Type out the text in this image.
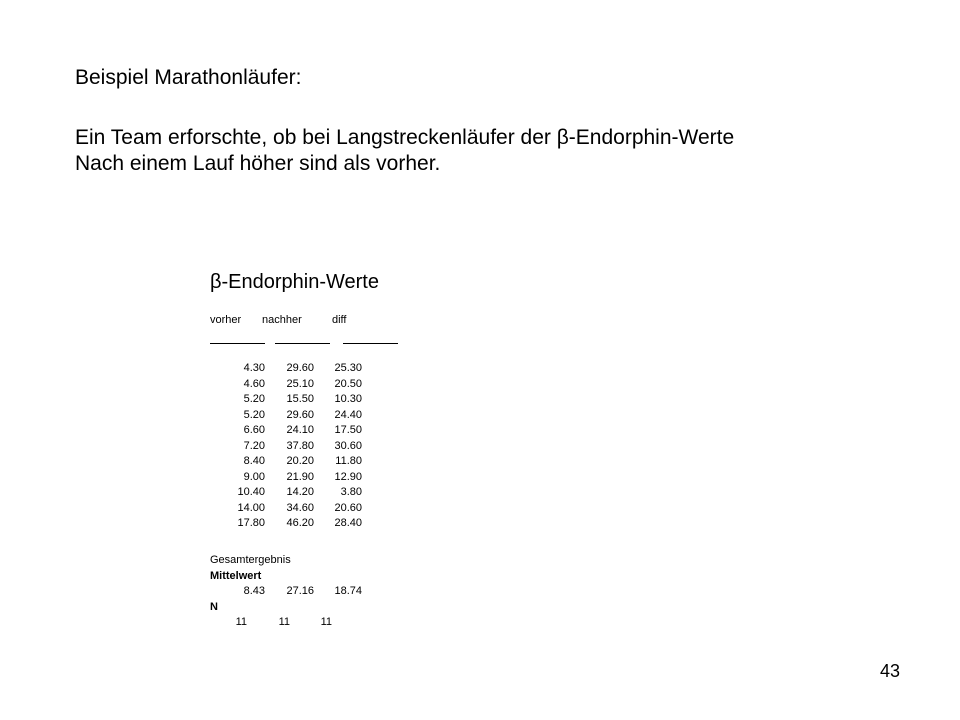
Beispiel Marathonläufer:
Ein Team erforschte, ob bei Langstreckenläufer der β-Endorphin-Werte
Nach einem Lauf höher sind als vorher.
β-Endorphin-Werte
vorher nachher	diff
4.30	29.60	25.30
4.60	25.10	20.50
5.20	15.50	10.30
5.20	29.60	24.40
6.60	24.10	17.50
7.20	37.80	30.60
8.40	20.20	11.80
9.00	21.90	12.90
10.40	14.20	3.80
14.00	34.60	20.60
17.80	46.20	28.40
Gesamtergebnis
Mittelwert
8.43	27.16	18.74
N
11	11	11
43
